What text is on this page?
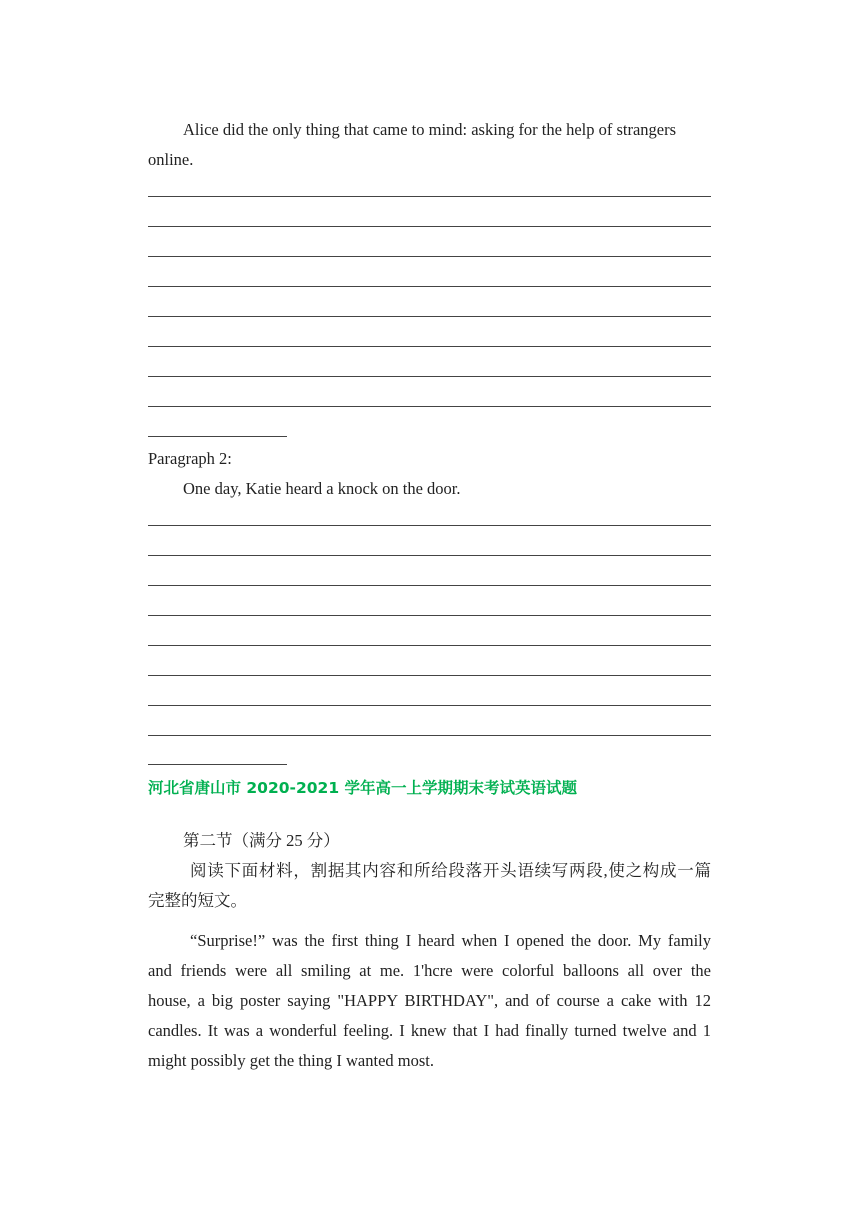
Alice did the only thing that came to mind: asking for the help of strangers
online.
Paragraph 2:
One day, Katie heard a knock on the door.
河北省唐山市 2020-2021 学年高一上学期期末考试英语试题
第二节（满分 25 分）
阅读下面材料，割据其内容和所给段落开头语续写两段,使之构成一篇
完整的短文。
“Surprise!” was the first thing I heard when I opened the door. My family
and friends were all smiling at me. 1'hcre were colorful balloons all over the
house, a big poster saying "HAPPY BIRTHDAY", and of course a cake with 12
candles. It was a wonderful feeling. I knew that I had finally turned twelve and 1
might possibly get the thing I wanted most.
